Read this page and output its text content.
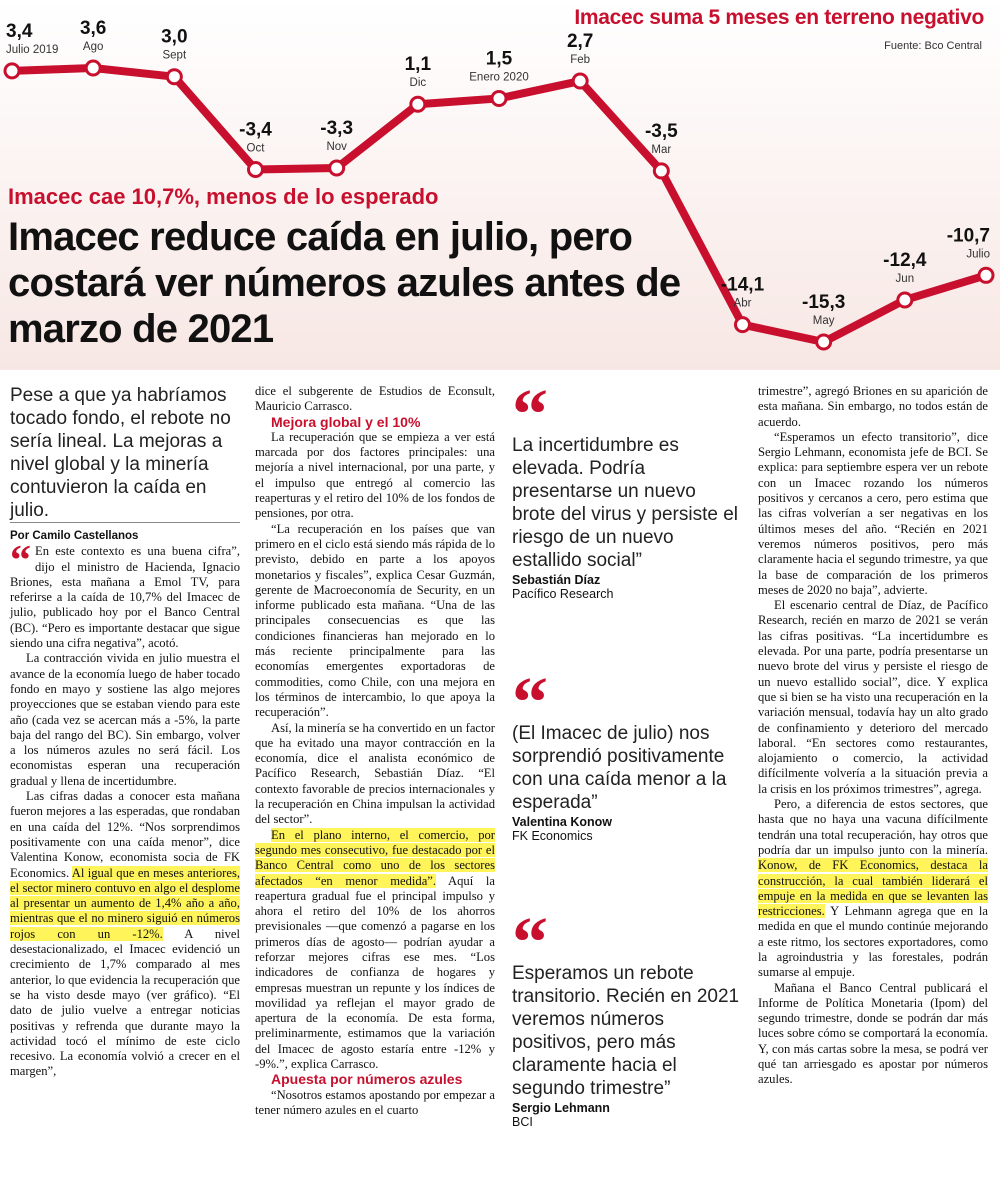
3,4
Julio 2019
3,6
Ago	3,0
Sept
-3,4
Oct
-3,3
Nov
1,1
Dic
1,5
Enero 2020
2,7
Feb
-3,5
Mar
-14,1
Abr	-15,3
May
-12,4
Jun
-10,7
Julio
Imacec suma 5 meses en terreno negativo
Fuente: Bco Central
Imacec cae 10,7%, menos de lo esperado
Imacec reduce caída en julio, pero costará ver números azules antes de marzo de 2021

Pese a que ya habríamos tocado fondo, el rebote no sería lineal. La mejoras a nivel global y la minería contuvieron la caída en julio.

Por Camilo Castellanos

“ En este contexto es una buena cifra”, dijo el ministro de Hacienda, Ignacio Briones, esta mañana a Emol TV, para referirse a la caída de 10,7% del Imacec de julio, publicado hoy por el Banco Central (BC). “Pero es importante destacar que sigue siendo una cifra negativa”, acotó.

La contracción vivida en julio muestra el avance de la economía luego de haber tocado fondo en mayo y sostiene las algo mejores proyecciones que se estaban viendo para este año (cada vez se acercan más a -5%, la parte baja del rango del BC). Sin embargo, volver a los números azules no será fácil. Los economistas esperan una recuperación gradual y llena de incertidumbre.

Las cifras dadas a conocer esta mañana fueron mejores a las esperadas, que rondaban en una caída del 12%. “Nos sorprendimos positivamente con una caída menor”, dice Valentina Konow, economista socia de FK Economics. Al igual que en meses anteriores, el sector minero contuvo en algo el desplome al presentar un aumento de 1,4% año a año, mientras que el no minero siguió en números rojos con un -12%. A nivel desestacionalizado, el Imacec evidenció un crecimiento de 1,7% comparado al mes anterior, lo que evidencia la recuperación que se ha visto desde mayo (ver gráfico). “El dato de julio vuelve a entregar noticias positivas y refrenda que durante mayo la actividad tocó el mínimo de este ciclo recesivo. La economía volvió a crecer en el margen”,

dice el subgerente de Estudios de Econsult, Mauricio Carrasco.

Mejora global y el 10%

La recuperación que se empieza a ver está marcada por dos factores principales: una mejoría a nivel internacional, por una parte, y el impulso que entregó al comercio las reaperturas y el retiro del 10% de los fondos de pensiones, por otra.

“La recuperación en los países que van primero en el ciclo está siendo más rápida de lo previsto, debido en parte a los apoyos monetarios y fiscales”, explica Cesar Guzmán, gerente de Macroeconomía de Security, en un informe publicado esta mañana. “Una de las principales consecuencias es que las condiciones financieras han mejorado en lo más reciente principalmente para las economías emergentes exportadoras de commodities, como Chile, con una mejora en los términos de intercambio, lo que apoya la recuperación”.

Así, la minería se ha convertido en un factor que ha evitado una mayor contracción en la economía, dice el analista económico de Pacífico Research, Sebastián Díaz. “El contexto favorable de precios internacionales y la recuperación en China impulsan la actividad del sector”.

En el plano interno, el comercio, por segundo mes consecutivo, fue destacado por el Banco Central como uno de los sectores afectados “en menor medida”. Aquí la reapertura gradual fue el principal impulso y ahora el retiro del 10% de los ahorros previsionales —que comenzó a pagarse en los primeros días de agosto— podrían ayudar a reforzar mejores cifras ese mes. “Los indicadores de confianza de hogares y empresas muestran un repunte y los índices de movilidad ya reflejan el mayor grado de apertura de la economía. De esta forma, preliminarmente, estimamos que la variación del Imacec de agosto estaría entre -12% y -9%.”, explica Carrasco.

Apuesta por números azules

“Nosotros estamos apostando por empezar a tener número azules en el cuarto

“
La incertidumbre es elevada. Podría presentarse un nuevo brote del virus y persiste el riesgo de un nuevo estallido social”
Sebastián Díaz
Pacífico Research
“
(El Imacec de julio) nos sorprendió positivamente con una caída menor a la esperada”
Valentina Konow
FK Economics
“
Esperamos un rebote transitorio. Recién en 2021 veremos números positivos, pero más claramente hacia el segundo trimestre”
Sergio Lehmann
BCI

trimestre”, agregó Briones en su aparición de esta mañana. Sin embargo, no todos están de acuerdo.

“Esperamos un efecto transitorio”, dice Sergio Lehmann, economista jefe de BCI. Se explica: para septiembre espera ver un rebote con un Imacec rozando los números positivos y cercanos a cero, pero estima que las cifras volverían a ser negativas en los últimos meses del año. “Recién en 2021 veremos números positivos, pero más claramente hacia el segundo trimestre, ya que la base de comparación de los primeros meses de 2020 no baja”, advierte.

El escenario central de Díaz, de Pacífico Research, recién en marzo de 2021 se verán las cifras positivas. “La incertidumbre es elevada. Por una parte, podría presentarse un nuevo brote del virus y persiste el riesgo de un nuevo estallido social”, dice. Y explica que si bien se ha visto una recuperación en la variación mensual, todavía hay un alto grado de confinamiento y deterioro del mercado laboral. “En sectores como restaurantes, alojamiento o comercio, la actividad difícilmente volvería a la situación previa a la crisis en los próximos trimestres”, agrega.

Pero, a diferencia de estos sectores, que hasta que no haya una vacuna difícilmente tendrán una total recuperación, hay otros que podría dar un impulso junto con la minería. Konow, de FK Economics, destaca la construcción, la cual también liderará el empuje en la medida en que se levanten las restricciones. Y Lehmann agrega que en la medida en que el mundo continúe mejorando a este ritmo, los sectores exportadores, como la agroindustria y las forestales, podrán sumarse al empuje.

Mañana el Banco Central publicará el Informe de Política Monetaria (Ipom) del segundo trimestre, donde se podrán dar más luces sobre cómo se comportará la economía. Y, con más cartas sobre la mesa, se podrá ver qué tan arriesgado es apostar por números azules.
